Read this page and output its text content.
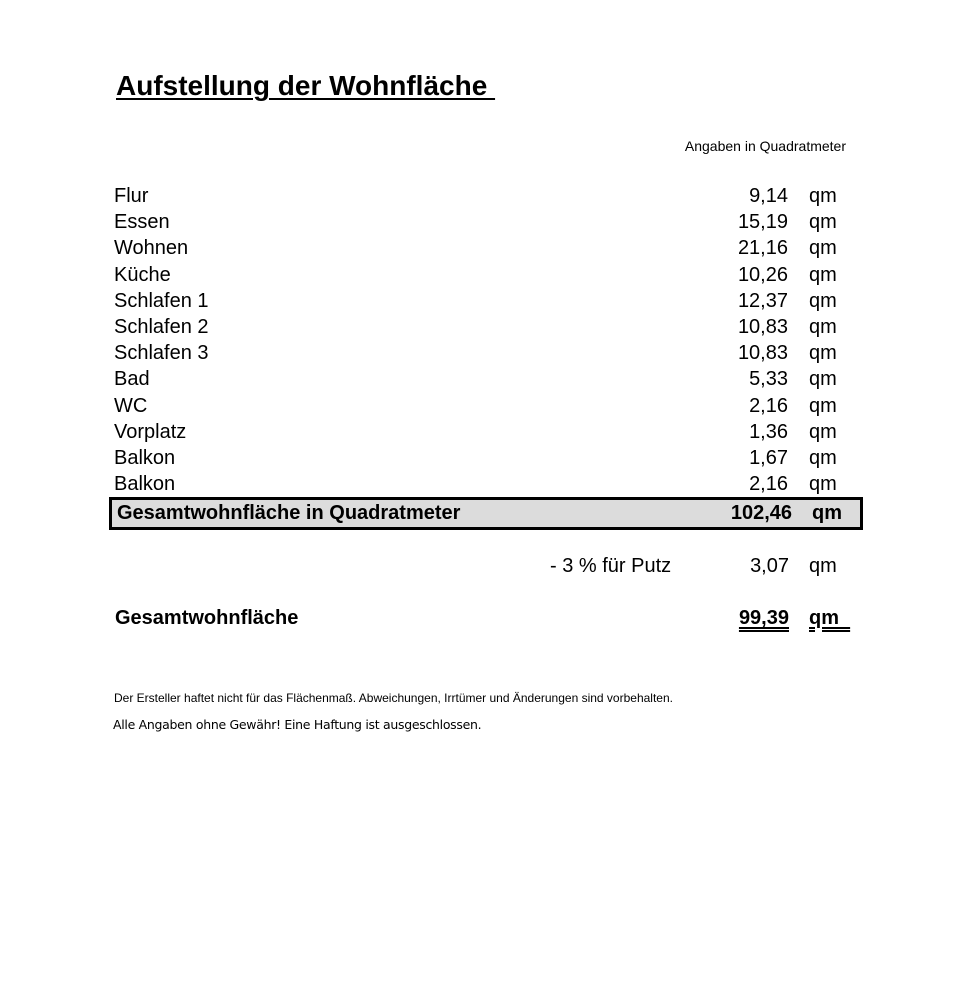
Aufstellung der Wohnfläche
Angaben in Quadratmeter
Flur	9,14 qm
Essen	15,19 qm
Wohnen	21,16 qm
Küche	10,26 qm
Schlafen 1	12,37 qm
Schlafen 2	10,83 qm
Schlafen 3	10,83 qm
Bad	5,33 qm
WC	2,16 qm
Vorplatz	1,36 qm
Balkon	1,67 qm
Balkon	2,16 qm
Gesamtwohnfläche in Quadratmeter	102,46 qm
- 3 % für Putz	3,07 qm
Gesamtwohnfläche	99,39 qm
Der Ersteller haftet nicht für das Flächenmaß. Abweichungen, Irrtümer und Änderungen sind vorbehalten.
Alle Angaben ohne Gewähr! Eine Haftung ist ausgeschlossen.
